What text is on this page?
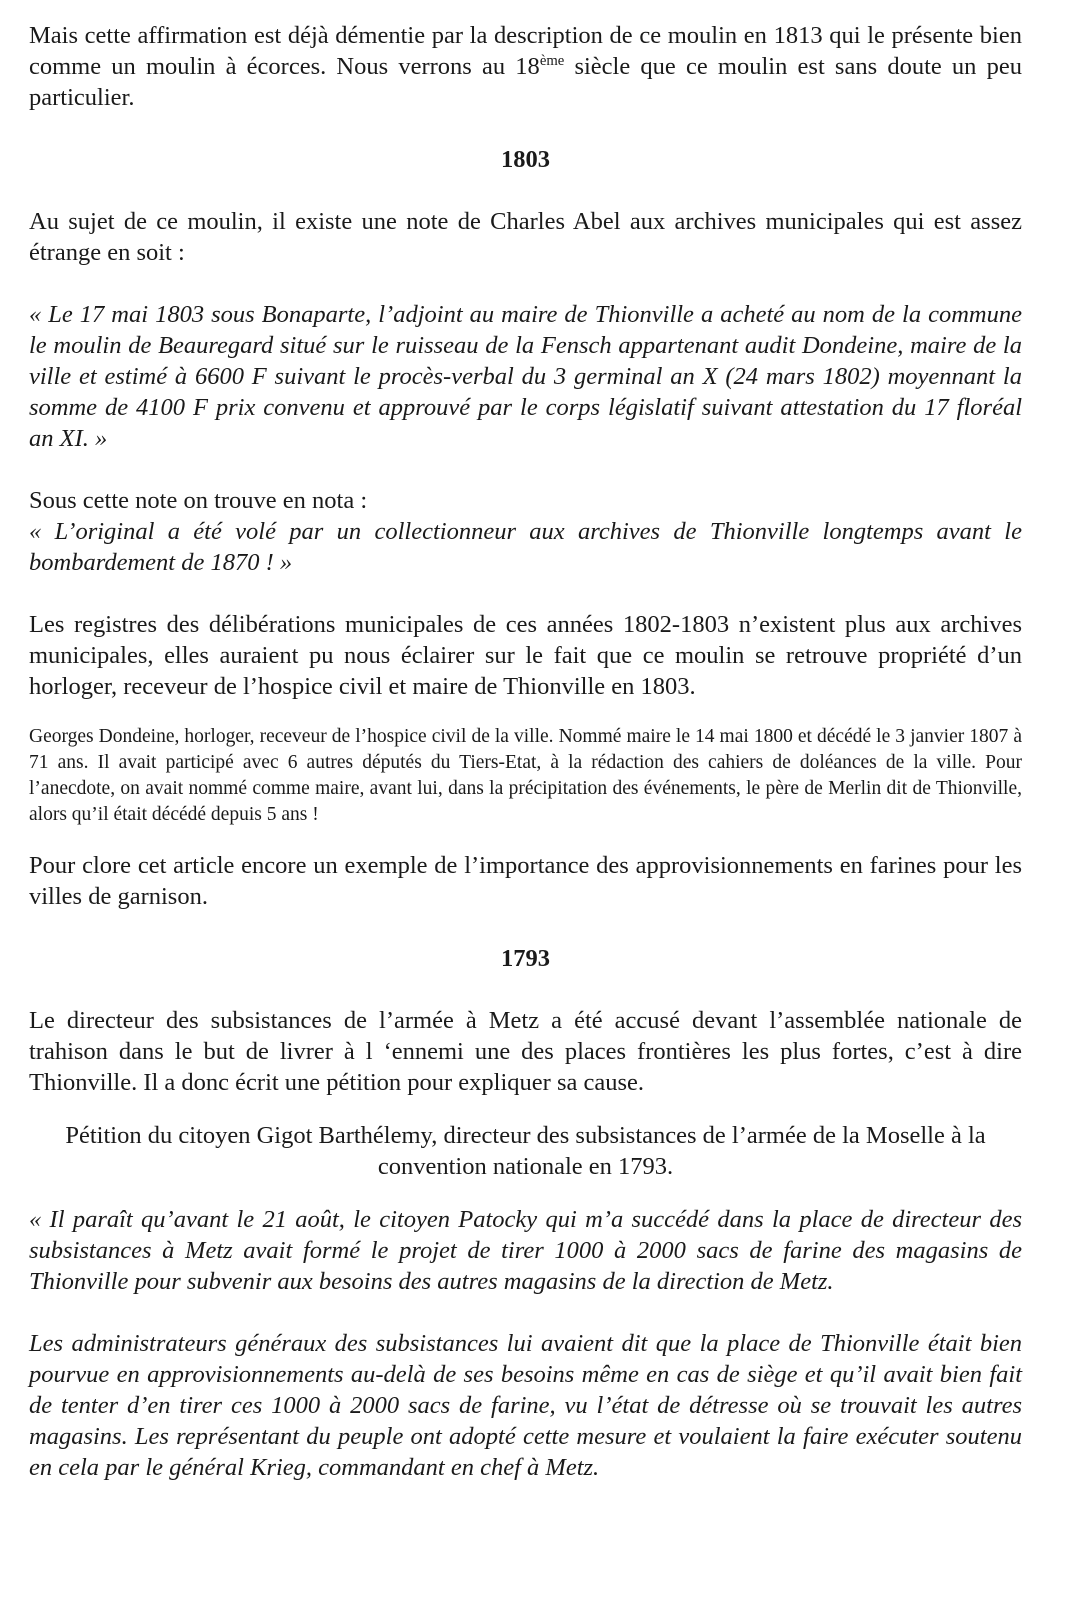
Mais cette affirmation est déjà démentie par la description de ce moulin en 1813 qui le présente bien comme un moulin à écorces. Nous verrons au 18ème siècle que ce moulin est sans doute un peu particulier.

1803

Au sujet de ce moulin, il existe une note de Charles Abel aux archives municipales qui est assez étrange en soit :

« Le 17 mai 1803 sous Bonaparte, l’adjoint au maire de Thionville a acheté au nom de la commune le moulin de Beauregard situé sur le ruisseau de la Fensch appartenant audit Dondeine, maire de la ville et estimé à 6600 F suivant le procès-verbal du 3 germinal an X (24 mars 1802) moyennant la somme de 4100 F prix convenu et approuvé par le corps législatif suivant attestation du 17 floréal an XI. »

Sous cette note on trouve en nota :

« L’original a été volé par un collectionneur aux archives de Thionville longtemps avant le bombardement de 1870 ! »

Les registres des délibérations municipales de ces années 1802-1803 n’existent plus aux archives municipales, elles auraient pu nous éclairer sur le fait que ce moulin se retrouve propriété d’un horloger, receveur de l’hospice civil et maire de Thionville en 1803.

Georges Dondeine, horloger, receveur de l’hospice civil de la ville. Nommé maire le 14 mai 1800 et décédé le 3 janvier 1807 à 71 ans. Il avait participé avec 6 autres députés du Tiers-Etat, à la rédaction des cahiers de doléances de la ville. Pour l’anecdote, on avait nommé comme maire, avant lui, dans la précipitation des événements, le père de Merlin dit de Thionville, alors qu’il était décédé depuis 5 ans !

Pour clore cet article encore un exemple de l’importance des approvisionnements en farines pour les villes de garnison.

1793

Le directeur des subsistances de l’armée à Metz a été accusé devant l’assemblée nationale de trahison dans le but de livrer à l ‘ennemi une des places frontières les plus fortes, c’est à dire Thionville. Il a donc écrit une pétition pour expliquer sa cause.

Pétition du citoyen Gigot Barthélemy, directeur des subsistances de l’armée de la Moselle à la convention nationale en 1793.

« Il paraît qu’avant le 21 août, le citoyen Patocky qui m’a succédé dans la place de directeur des subsistances à Metz avait formé le projet de tirer 1000 à 2000 sacs de farine des magasins de Thionville pour subvenir aux besoins des autres magasins de la direction de Metz.

Les administrateurs généraux des subsistances lui avaient dit que la place de Thionville était bien pourvue en approvisionnements au-delà de ses besoins même en cas de siège et qu’il avait bien fait de tenter d’en tirer ces 1000 à 2000 sacs de farine, vu l’état de détresse où se trouvait les autres magasins. Les représentant du peuple ont adopté cette mesure et voulaient la faire exécuter soutenu en cela par le général Krieg, commandant en chef à Metz.
